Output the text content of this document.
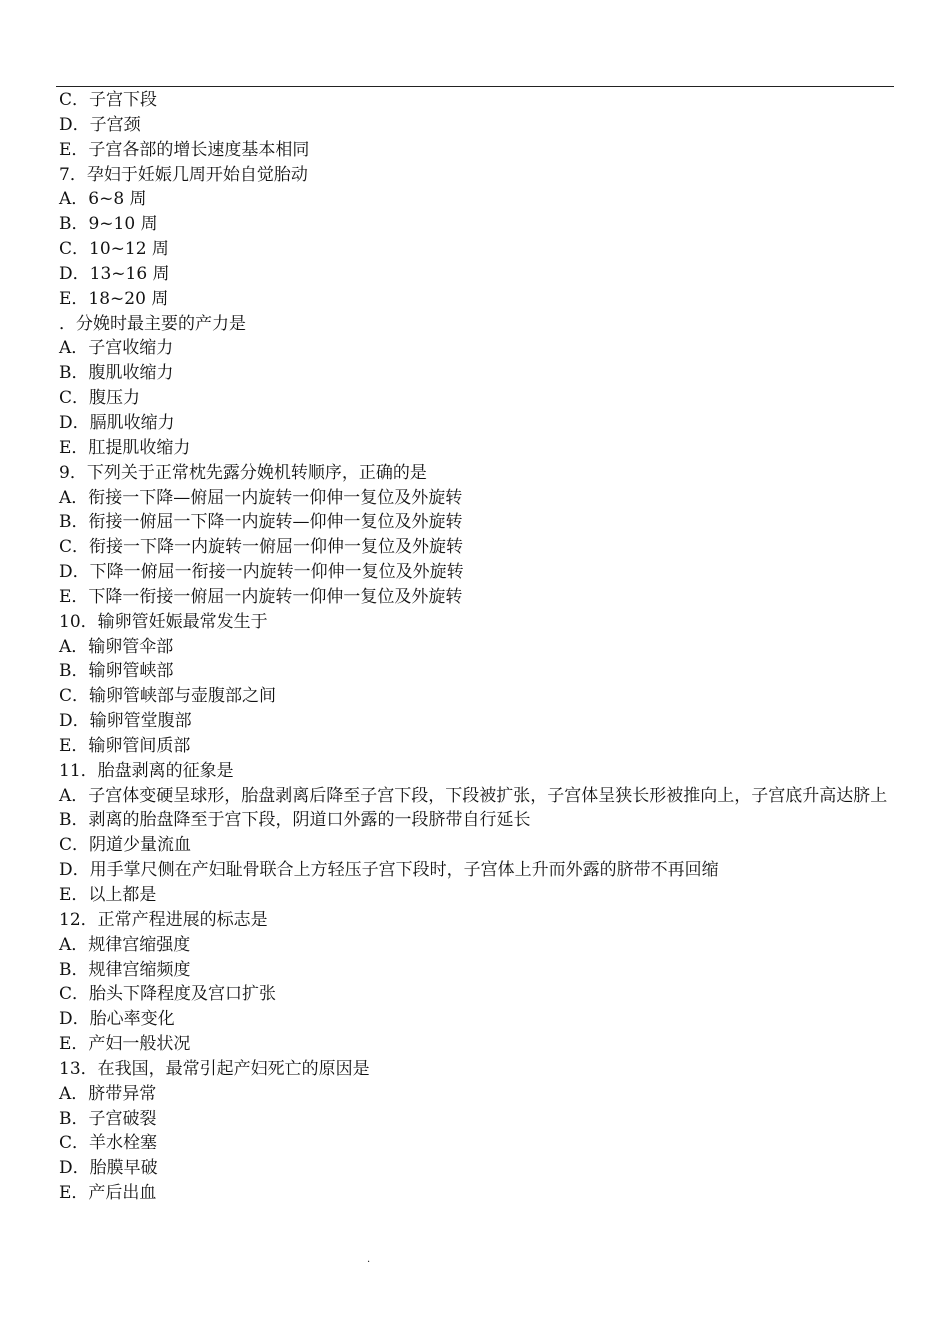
C．子宫下段
D．子宫颈
E．子宫各部的增长速度基本相同
7．孕妇于妊娠几周开始自觉胎动
A．6~8 周
B．9~10 周
C．10~12 周
D．13~16 周
E．18~20 周
．分娩时最主要的产力是
A．子宫收缩力
B．腹肌收缩力
C．腹压力
D．膈肌收缩力
E．肛提肌收缩力
9．下列关于正常枕先露分娩机转顺序，正确的是
A．衔接一下降—俯屈一内旋转一仰伸一复位及外旋转
B．衔接一俯屈一下降一内旋转—仰伸一复位及外旋转
C．衔接一下降一内旋转一俯屈一仰伸一复位及外旋转
D．下降一俯屈一衔接一内旋转一仰伸一复位及外旋转
E．下降一衔接一俯屈一内旋转一仰伸一复位及外旋转
10．输卵管妊娠最常发生于
A．输卵管伞部
B．输卵管峡部
C．输卵管峡部与壶腹部之间
D．输卵管堂腹部
E．输卵管间质部
11．胎盘剥离的征象是
A．子宫体变硬呈球形，胎盘剥离后降至子宫下段，下段被扩张，子宫体呈狭长形被推向上，子宫底升高达脐上
B．剥离的胎盘降至于宫下段，阴道口外露的一段脐带自行延长
C．阴道少量流血
D．用手掌尺侧在产妇耻骨联合上方轻压子宫下段时，子宫体上升而外露的脐带不再回缩
E．以上都是
12．正常产程进展的标志是
A．规律宫缩强度
B．规律宫缩频度
C．胎头下降程度及宫口扩张
D．胎心率变化
E．产妇一般状况
13．在我国，最常引起产妇死亡的原因是
A．脐带异常
B．子宫破裂
C．羊水栓塞
D．胎膜早破
E．产后出血
.
